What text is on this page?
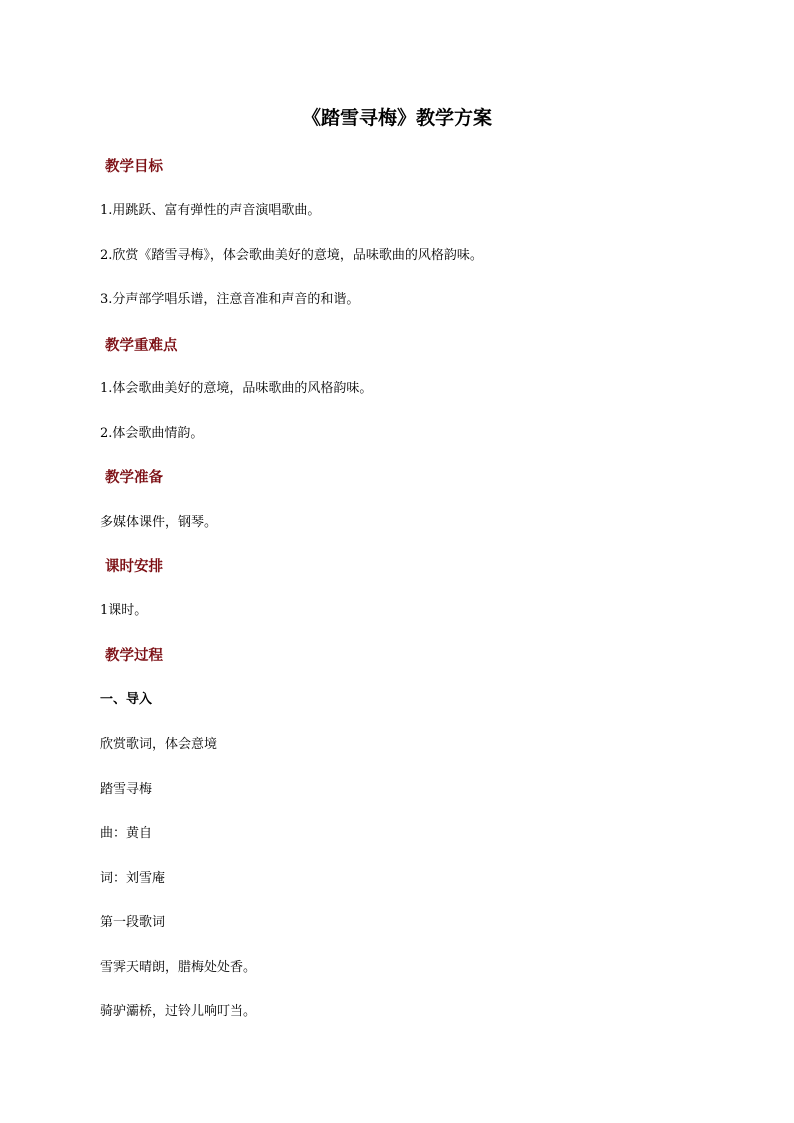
《踏雪寻梅》教学方案
教学目标
1.用跳跃、富有弹性的声音演唱歌曲。
2.欣赏《踏雪寻梅》，体会歌曲美好的意境，品味歌曲的风格韵味。
3.分声部学唱乐谱，注意音准和声音的和谐。
教学重难点
1.体会歌曲美好的意境，品味歌曲的风格韵味。
2.体会歌曲情韵。
教学准备
多媒体课件，钢琴。
课时安排
1课时。
教学过程
一、导入
欣赏歌词，体会意境
踏雪寻梅
曲：黄自
词：刘雪庵
第一段歌词
雪霁天晴朗，腊梅处处香。
骑驴灞桥，过铃儿响叮当。
